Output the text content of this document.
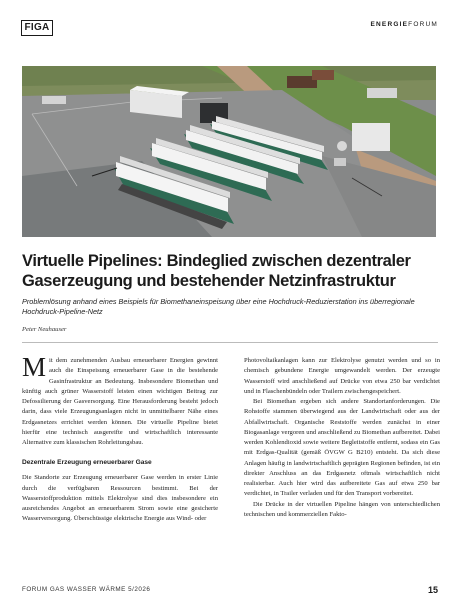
FIGA	ENERGIEFORUM
Virtuelle Pipelines: Bindeglied zwischen dezentraler Gaserzeugung und bestehender Netzinfrastruktur

Problemlösung anhand eines Beispiels für Biomethaneinspeisung über eine Hochdruck-Reduzierstation ins überregionale Hochdruck-Pipeline-Netz

Peter Neuhauser

Mit dem zunehmenden Ausbau erneuerbarer Energien gewinnt auch die Einspeisung erneuerbarer Gase in die bestehende Gasinfrastruktur an Bedeutung. Insbesondere Biomethan und künftig auch grüner Wasserstoff leisten einen wichtigen Beitrag zur Defossilierung der Gasversorgung. Eine Herausforderung besteht jedoch darin, dass viele Erzeugungsanlagen nicht in unmittelbarer Nähe eines Erdgasnetzes errichtet werden können. Die virtuelle Pipeline bietet hierfür eine technisch ausgereifte und wirtschaftlich interessante Alternative zum klassischen Rohrleitungsbau.

Dezentrale Erzeugung erneuerbarer Gase

Die Standorte zur Erzeugung erneuerbarer Gase werden in erster Linie durch die verfügbaren Ressourcen bestimmt. Bei der Wasserstoffproduktion mittels Elektrolyse sind dies insbesondere ein ausreichendes Angebot an erneuerbarem Strom sowie eine gesicherte Wasserversorgung. Überschüssige elektrische Energie aus Wind- oder

Photovoltaikanlagen kann zur Elektrolyse genutzt werden und so in chemisch gebundene Energie umgewandelt werden. Der erzeugte Wasserstoff wird anschließend auf Drücke von etwa 250 bar verdichtet und in Flaschenbündeln oder Trailern zwischengespeichert.

Bei Biomethan ergeben sich andere Standortanforderungen. Die Rohstoffe stammen überwiegend aus der Landwirtschaft oder aus der Abfallwirtschaft. Organische Reststoffe werden zunächst in einer Biogasanlage vergoren und anschließend zu Biomethan aufbereitet. Dabei werden Kohlendioxid sowie weitere Begleitstoffe entfernt, sodass ein Gas mit Erdgas-Qualität (gemäß ÖVGW G B210) entsteht. Da sich diese Anlagen häufig in landwirtschaftlich geprägten Regionen befinden, ist ein direkter Anschluss an das Erdgasnetz oftmals wirtschaftlich nicht realisierbar. Auch hier wird das aufbereitete Gas auf etwa 250 bar verdichtet, in Trailer verladen und für den Transport vorbereitet.

Die Drücke in der virtuellen Pipeline hängen von unterschiedlichen technischen und kommerziellen Fakto-

FORUM GAS WASSER WÄRME 5/2026	15
